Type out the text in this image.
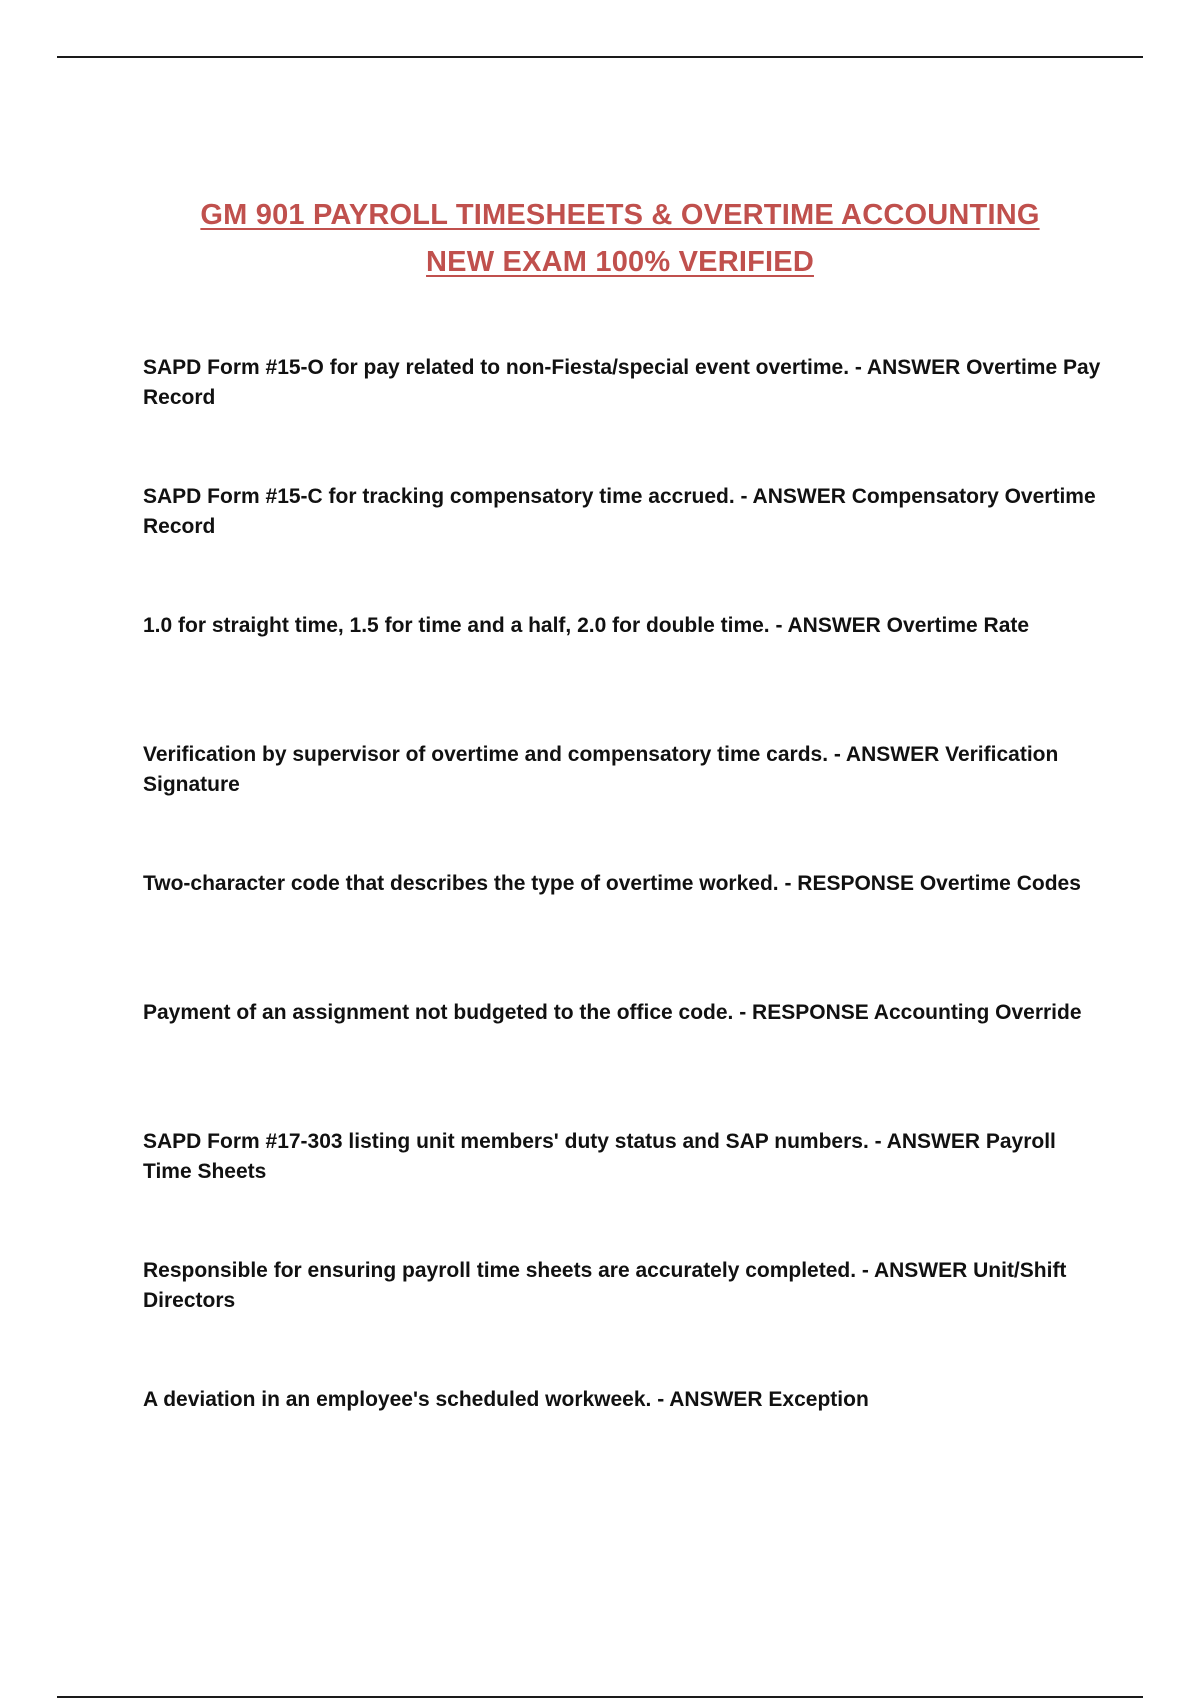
GM 901 PAYROLL TIMESHEETS & OVERTIME ACCOUNTING
NEW EXAM 100% VERIFIED
SAPD Form #15-O for pay related to non-Fiesta/special event overtime. - ANSWER Overtime Pay Record
SAPD Form #15-C for tracking compensatory time accrued. - ANSWER Compensatory Overtime Record
1.0 for straight time, 1.5 for time and a half, 2.0 for double time. - ANSWER Overtime Rate
Verification by supervisor of overtime and compensatory time cards. - ANSWER Verification Signature
Two-character code that describes the type of overtime worked. - RESPONSE Overtime Codes
Payment of an assignment not budgeted to the office code. - RESPONSE Accounting Override
SAPD Form #17-303 listing unit members' duty status and SAP numbers. - ANSWER Payroll Time Sheets
Responsible for ensuring payroll time sheets are accurately completed. - ANSWER Unit/Shift Directors
A deviation in an employee's scheduled workweek. - ANSWER Exception
